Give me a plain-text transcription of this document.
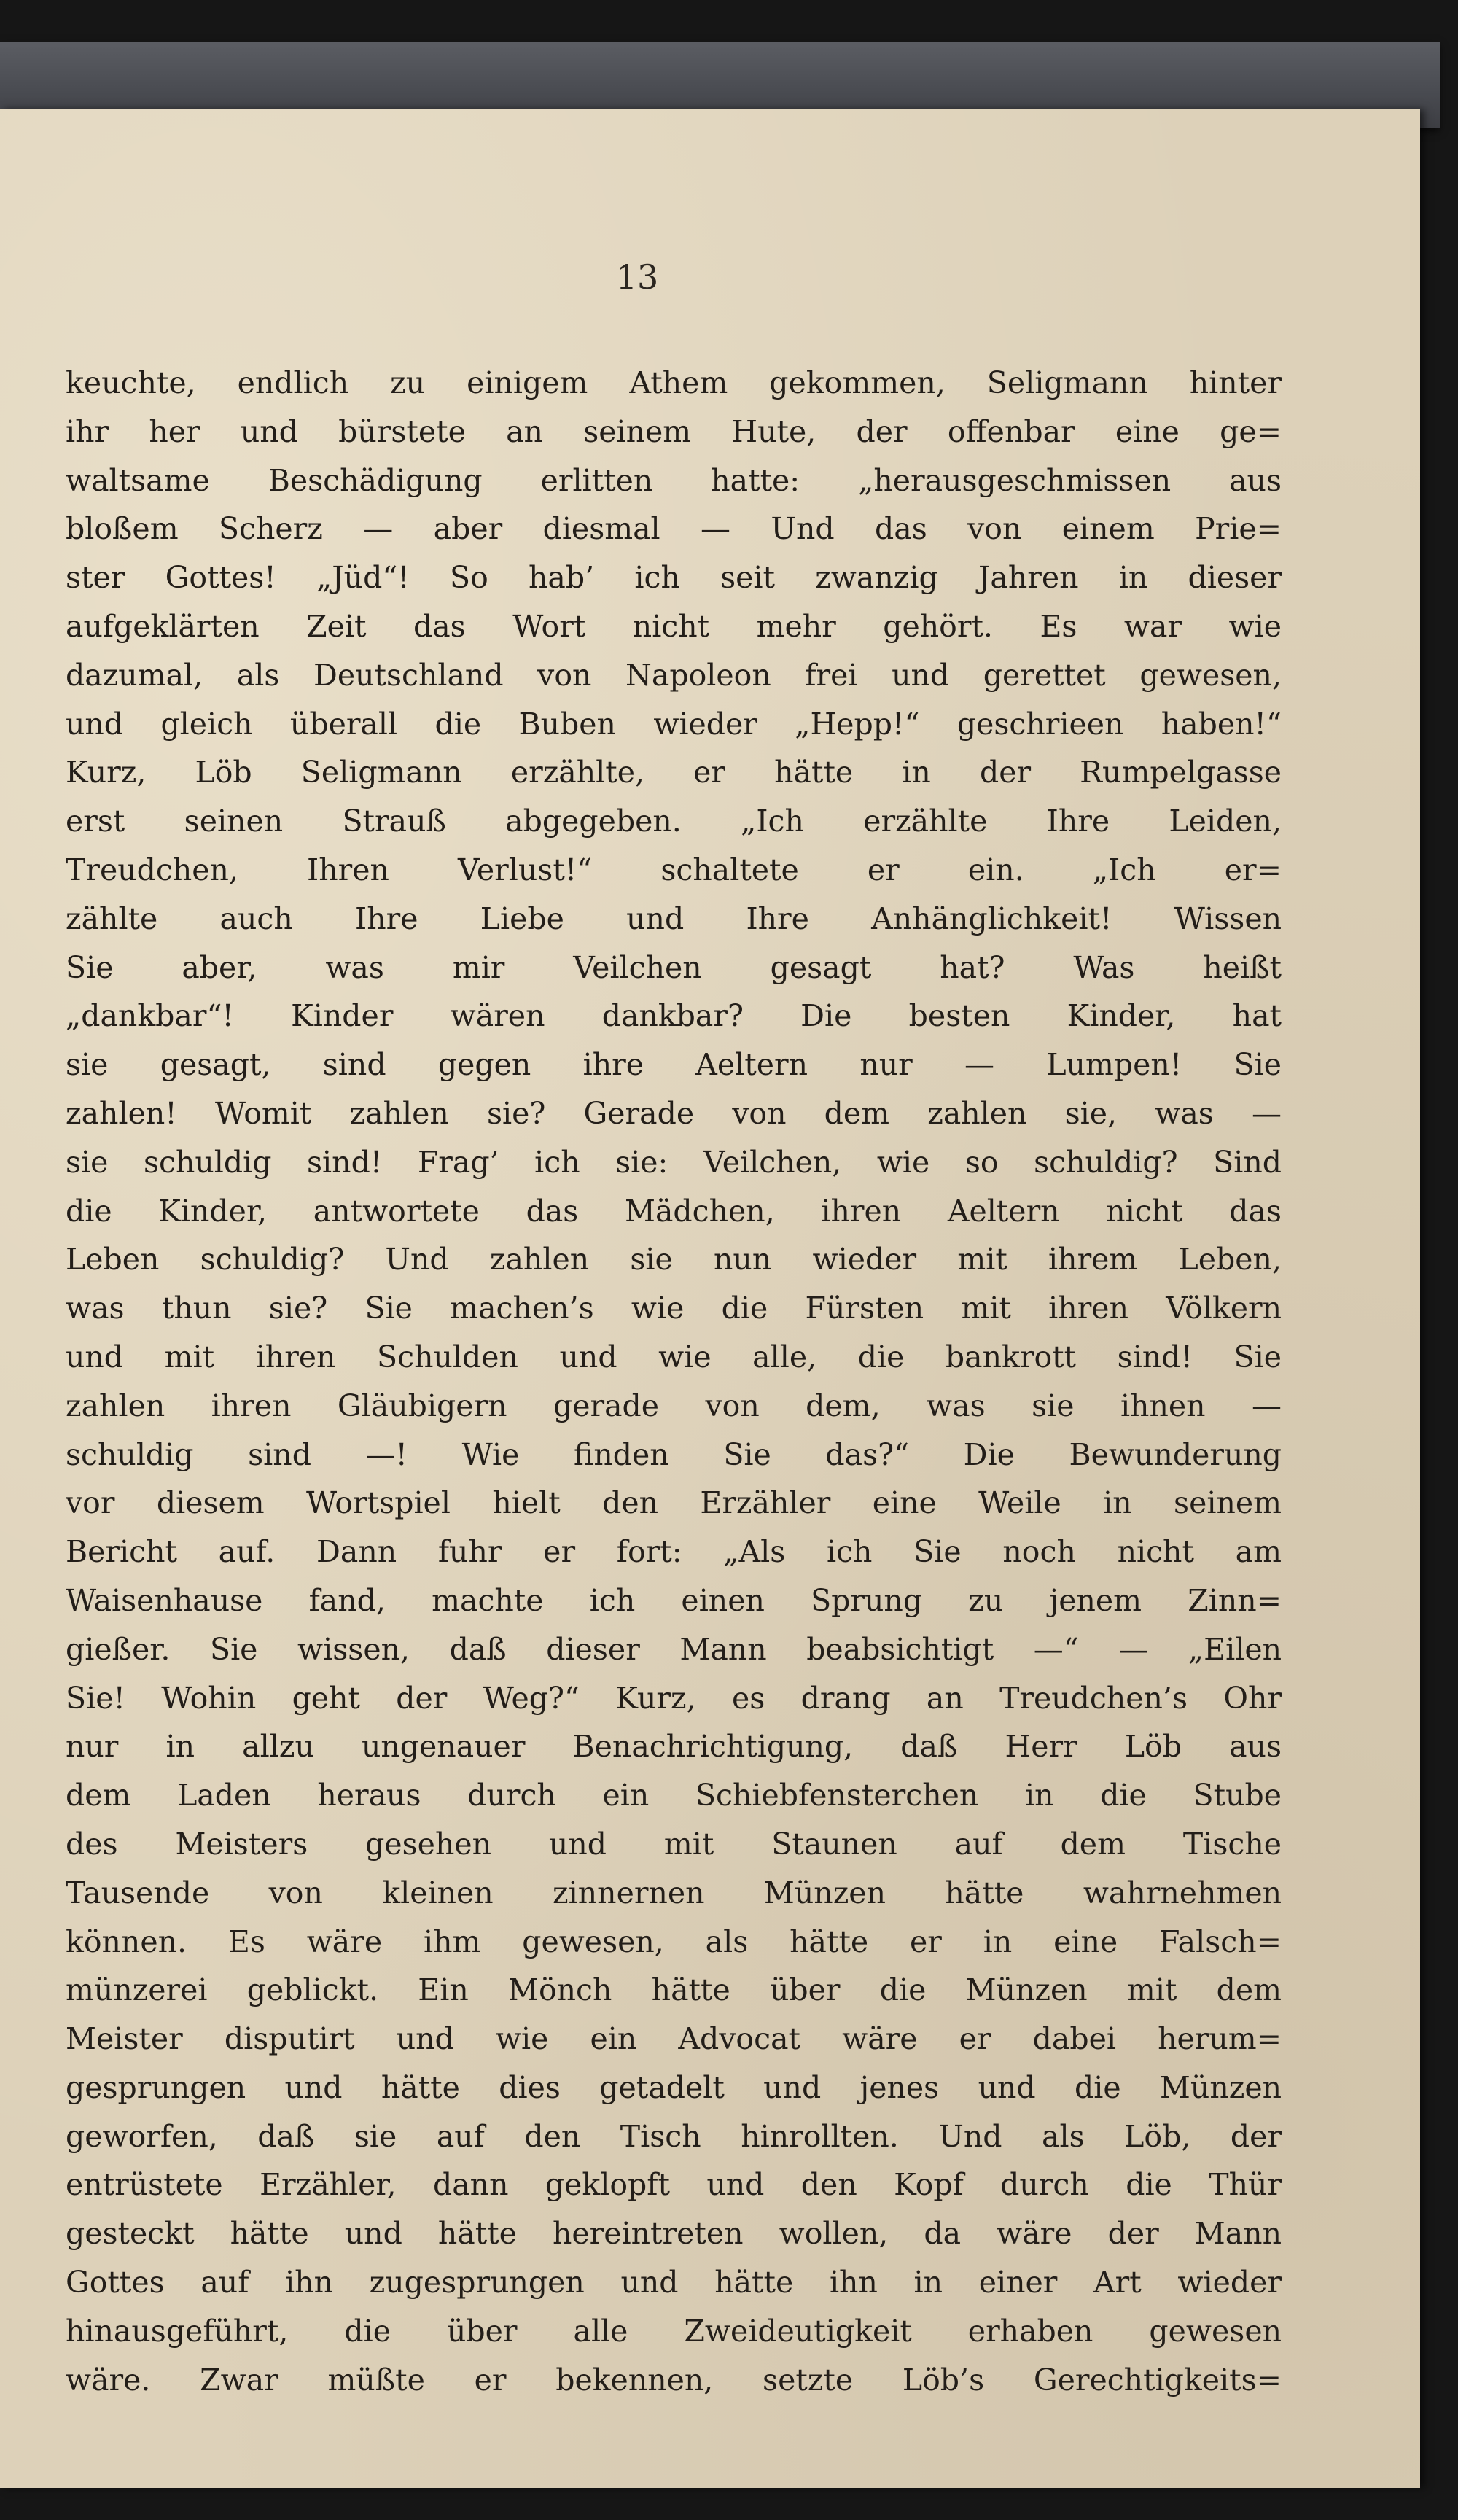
13
keuchte, endlich zu einigem Athem gekommen, Seligmann hinter
ihr her und bürstete an seinem Hute, der offenbar eine ge=
waltsame Beschädigung erlitten hatte: „herausgeschmissen aus
bloßem Scherz — aber diesmal — Und das von einem Prie=
ster Gottes! „Jüd“! So hab’ ich seit zwanzig Jahren in dieser
aufgeklärten Zeit das Wort nicht mehr gehört. Es war wie
dazumal, als Deutschland von Napoleon frei und gerettet gewesen,
und gleich überall die Buben wieder „Hepp!“ geschrieen haben!“
Kurz, Löb Seligmann erzählte, er hätte in der Rumpelgasse
erst seinen Strauß abgegeben. „Ich erzählte Ihre Leiden,
Treudchen, Ihren Verlust!“ schaltete er ein. „Ich er=
zählte auch Ihre Liebe und Ihre Anhänglichkeit! Wissen
Sie aber, was mir Veilchen gesagt hat? Was heißt
„dankbar“! Kinder wären dankbar? Die besten Kinder, hat
sie gesagt, sind gegen ihre Aeltern nur — Lumpen! Sie
zahlen! Womit zahlen sie? Gerade von dem zahlen sie, was —
sie schuldig sind! Frag’ ich sie: Veilchen, wie so schuldig? Sind
die Kinder, antwortete das Mädchen, ihren Aeltern nicht das
Leben schuldig? Und zahlen sie nun wieder mit ihrem Leben,
was thun sie? Sie machen’s wie die Fürsten mit ihren Völkern
und mit ihren Schulden und wie alle, die bankrott sind! Sie
zahlen ihren Gläubigern gerade von dem, was sie ihnen —
schuldig sind —! Wie finden Sie das?“ Die Bewunderung
vor diesem Wortspiel hielt den Erzähler eine Weile in seinem
Bericht auf. Dann fuhr er fort: „Als ich Sie noch nicht am
Waisenhause fand, machte ich einen Sprung zu jenem Zinn=
gießer. Sie wissen, daß dieser Mann beabsichtigt —“ — „Eilen
Sie! Wohin geht der Weg?“ Kurz, es drang an Treudchen’s Ohr
nur in allzu ungenauer Benachrichtigung, daß Herr Löb aus
dem Laden heraus durch ein Schiebfensterchen in die Stube
des Meisters gesehen und mit Staunen auf dem Tische
Tausende von kleinen zinnernen Münzen hätte wahrnehmen
können. Es wäre ihm gewesen, als hätte er in eine Falsch=
münzerei geblickt. Ein Mönch hätte über die Münzen mit dem
Meister disputirt und wie ein Advocat wäre er dabei herum=
gesprungen und hätte dies getadelt und jenes und die Münzen
geworfen, daß sie auf den Tisch hinrollten. Und als Löb, der
entrüstete Erzähler, dann geklopft und den Kopf durch die Thür
gesteckt hätte und hätte hereintreten wollen, da wäre der Mann
Gottes auf ihn zugesprungen und hätte ihn in einer Art wieder
hinausgeführt, die über alle Zweideutigkeit erhaben gewesen
wäre. Zwar müßte er bekennen, setzte Löb’s Gerechtigkeits=
